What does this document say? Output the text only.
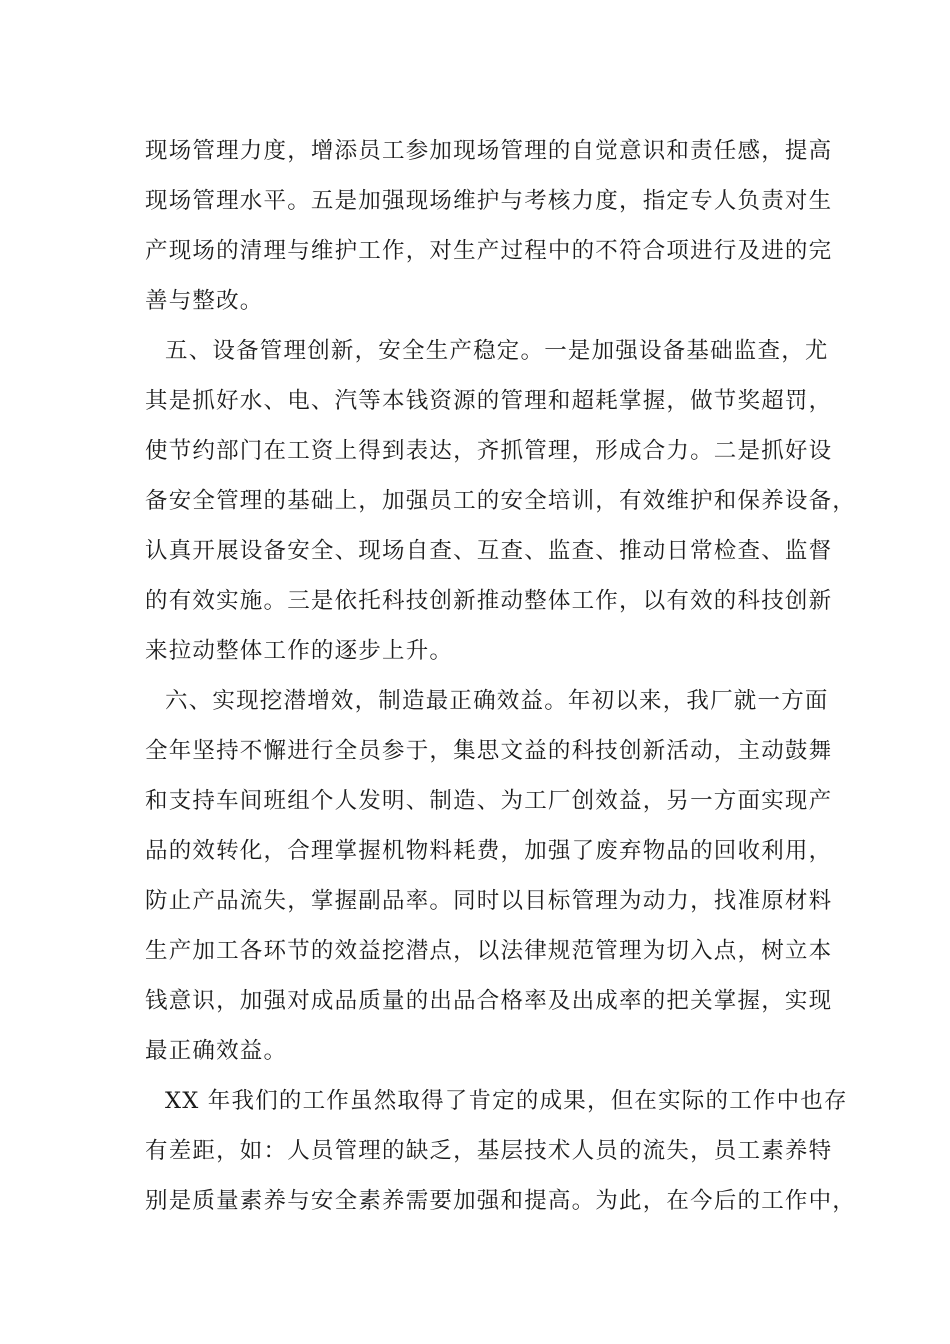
现场管理力度，增添员工参加现场管理的自觉意识和责任感，提高
现场管理水平。五是加强现场维护与考核力度，指定专人负责对生
产现场的清理与维护工作，对生产过程中的不符合项进行及进的完
善与整改。
五、设备管理创新，安全生产稳定。一是加强设备基础监查，尤
其是抓好水、电、汽等本钱资源的管理和超耗掌握，做节奖超罚，
使节约部门在工资上得到表达，齐抓管理，形成合力。二是抓好设
备安全管理的基础上，加强员工的安全培训，有效维护和保养设备，
认真开展设备安全、现场自查、互查、监查、推动日常检查、监督
的有效实施。三是依托科技创新推动整体工作，以有效的科技创新
来拉动整体工作的逐步上升。
六、实现挖潜增效，制造最正确效益。年初以来，我厂就一方面
全年坚持不懈进行全员参于，集思文益的科技创新活动，主动鼓舞
和支持车间班组个人发明、制造、为工厂创效益，另一方面实现产
品的效转化，合理掌握机物料耗费，加强了废弃物品的回收利用，
防止产品流失，掌握副品率。同时以目标管理为动力，找准原材料
生产加工各环节的效益挖潜点，以法律规范管理为切入点，树立本
钱意识，加强对成品质量的出品合格率及出成率的把关掌握，实现
最正确效益。
XX 年我们的工作虽然取得了肯定的成果，但在实际的工作中也存
有差距，如：人员管理的缺乏，基层技术人员的流失，员工素养特
别是质量素养与安全素养需要加强和提高。为此，在今后的工作中，
